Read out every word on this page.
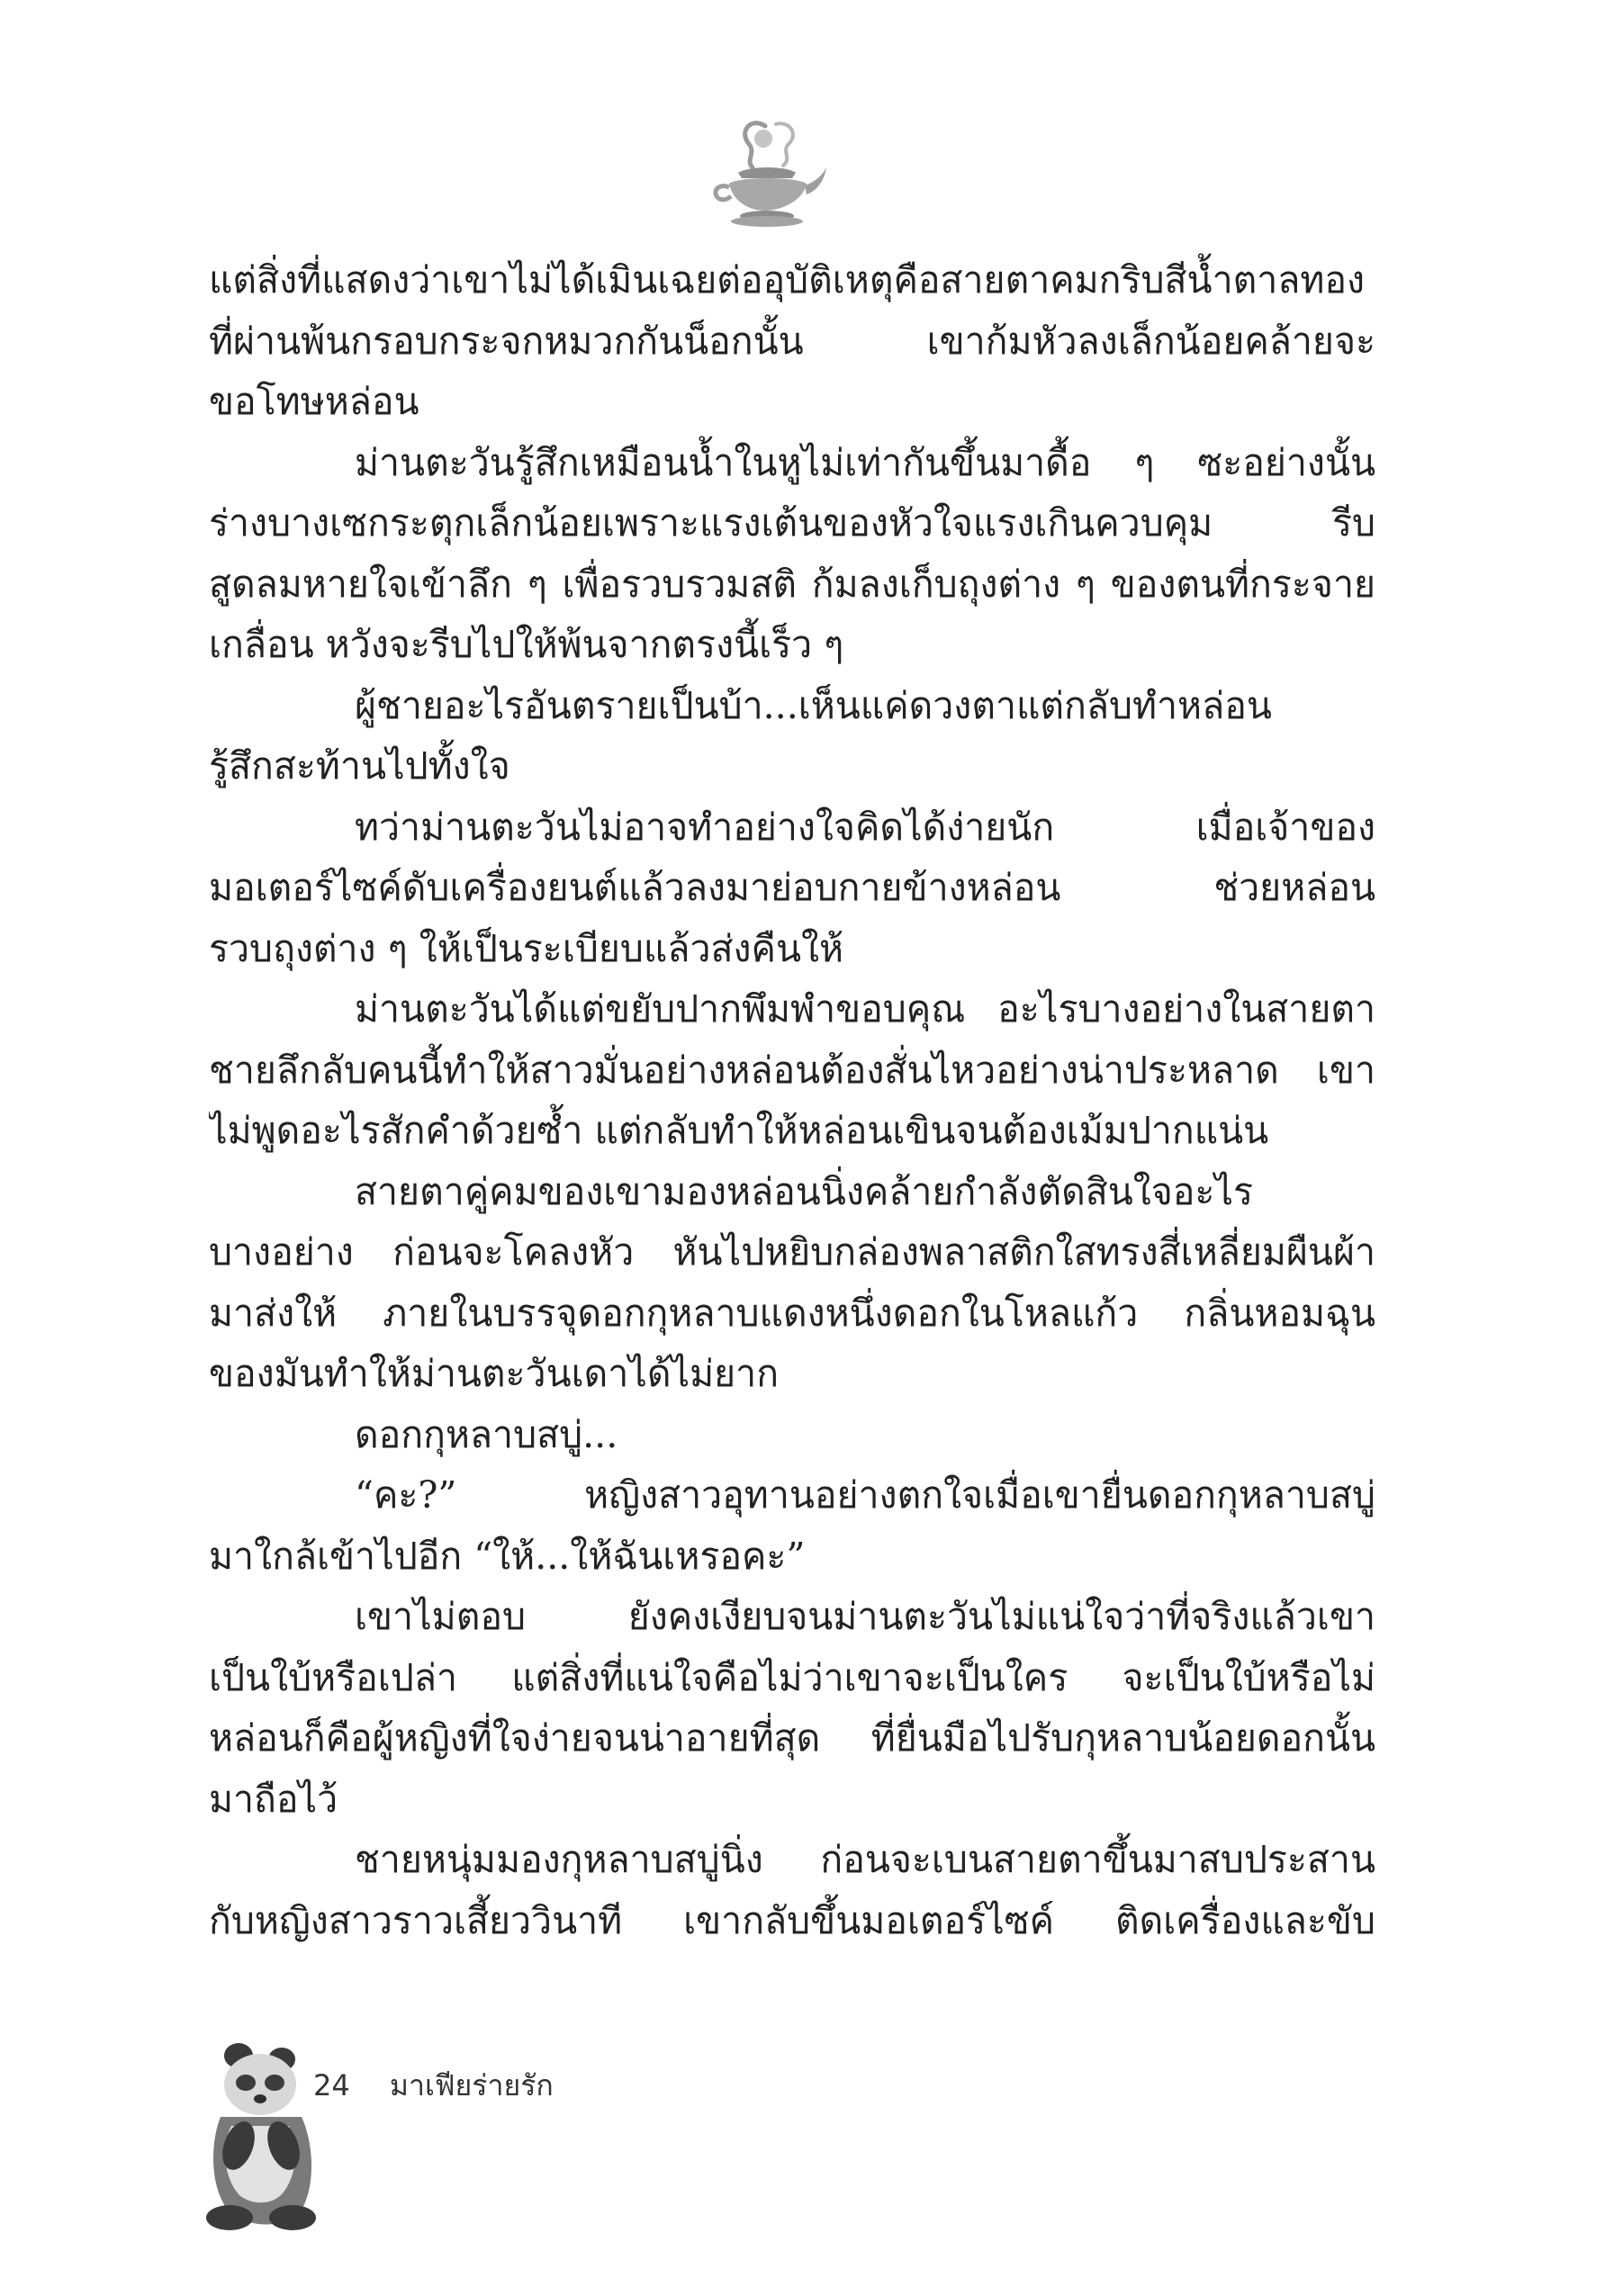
แต่สิ่งที่แสดงว่าเขาไม่ได้เมินเฉยต่ออุบัติเหตุคือสายตาคมกริบสีน้ำตาลทอง
ที่ผ่านพ้นกรอบกระจกหมวกกันน็อกนั้น เขาก้มหัวลงเล็กน้อยคล้ายจะ
ขอโทษหล่อน
ม่านตะวันรู้สึกเหมือนน้ำในหูไม่เท่ากันขึ้นมาดื้อ ๆ ซะอย่างนั้น
ร่างบางเซกระตุกเล็กน้อยเพราะแรงเต้นของหัวใจแรงเกินควบคุม รีบ
สูดลมหายใจเข้าลึก ๆ เพื่อรวบรวมสติ ก้มลงเก็บถุงต่าง ๆ ของตนที่กระจาย
เกลื่อน หวังจะรีบไปให้พ้นจากตรงนี้เร็ว ๆ
ผู้ชายอะไรอันตรายเป็นบ้า...เห็นแค่ดวงตาแต่กลับทำหล่อน
รู้สึกสะท้านไปทั้งใจ
ทว่าม่านตะวันไม่อาจทำอย่างใจคิดได้ง่ายนัก เมื่อเจ้าของ
มอเตอร์ไซค์ดับเครื่องยนต์แล้วลงมาย่อบกายข้างหล่อน ช่วยหล่อน
รวบถุงต่าง ๆ ให้เป็นระเบียบแล้วส่งคืนให้
ม่านตะวันได้แต่ขยับปากพึมพำขอบคุณ อะไรบางอย่างในสายตา
ชายลึกลับคนนี้ทำให้สาวมั่นอย่างหล่อนต้องสั่นไหวอย่างน่าประหลาด เขา
ไม่พูดอะไรสักคำด้วยซ้ำ แต่กลับทำให้หล่อนเขินจนต้องเม้มปากแน่น
สายตาคู่คมของเขามองหล่อนนิ่งคล้ายกำลังตัดสินใจอะไร
บางอย่าง ก่อนจะโคลงหัว หันไปหยิบกล่องพลาสติกใสทรงสี่เหลี่ยมผืนผ้า
มาส่งให้ ภายในบรรจุดอกกุหลาบแดงหนึ่งดอกในโหลแก้ว กลิ่นหอมฉุน
ของมันทำให้ม่านตะวันเดาได้ไม่ยาก
ดอกกุหลาบสบู่...
“คะ?” หญิงสาวอุทานอย่างตกใจเมื่อเขายื่นดอกกุหลาบสบู่
มาใกล้เข้าไปอีก “ให้...ให้ฉันเหรอคะ”
เขาไม่ตอบ ยังคงเงียบจนม่านตะวันไม่แน่ใจว่าที่จริงแล้วเขา
เป็นใบ้หรือเปล่า แต่สิ่งที่แน่ใจคือไม่ว่าเขาจะเป็นใคร จะเป็นใบ้หรือไม่
หล่อนก็คือผู้หญิงที่ใจง่ายจนน่าอายที่สุด ที่ยื่นมือไปรับกุหลาบน้อยดอกนั้น
มาถือไว้
ชายหนุ่มมองกุหลาบสบู่นิ่ง ก่อนจะเบนสายตาขึ้นมาสบประสาน
กับหญิงสาวราวเสี้ยววินาที เขากลับขึ้นมอเตอร์ไซค์ ติดเครื่องและขับ
24 มาเฟียร่ายรัก
